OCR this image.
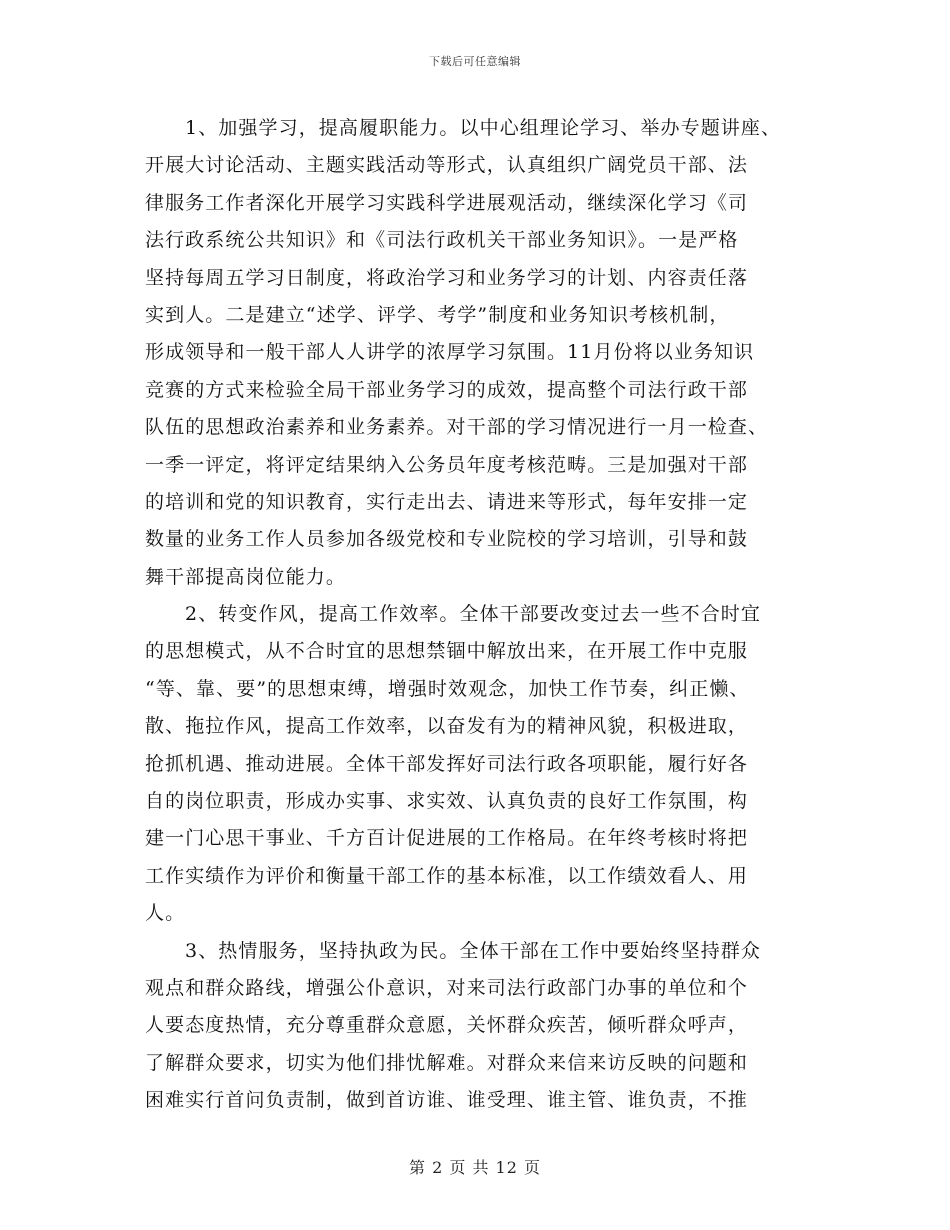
下载后可任意编辑
1、加强学习，提高履职能力。以中心组理论学习、举办专题讲座、
开展大讨论活动、主题实践活动等形式，认真组织广阔党员干部、法
律服务工作者深化开展学习实践科学进展观活动，继续深化学习《司
法行政系统公共知识》和《司法行政机关干部业务知识》。一是严格
坚持每周五学习日制度，将政治学习和业务学习的计划、内容责任落
实到人。二是建立“述学、评学、考学”制度和业务知识考核机制，
形成领导和一般干部人人讲学的浓厚学习氛围。11月份将以业务知识
竞赛的方式来检验全局干部业务学习的成效，提高整个司法行政干部
队伍的思想政治素养和业务素养。对干部的学习情况进行一月一检查、
一季一评定，将评定结果纳入公务员年度考核范畴。三是加强对干部
的培训和党的知识教育，实行走出去、请进来等形式，每年安排一定
数量的业务工作人员参加各级党校和专业院校的学习培训，引导和鼓
舞干部提高岗位能力。
2、转变作风，提高工作效率。全体干部要改变过去一些不合时宜
的思想模式，从不合时宜的思想禁锢中解放出来，在开展工作中克服
“等、靠、要”的思想束缚，增强时效观念，加快工作节奏，纠正懒、
散、拖拉作风，提高工作效率，以奋发有为的精神风貌，积极进取，
抢抓机遇、推动进展。全体干部发挥好司法行政各项职能，履行好各
自的岗位职责，形成办实事、求实效、认真负责的良好工作氛围，构
建一门心思干事业、千方百计促进展的工作格局。在年终考核时将把
工作实绩作为评价和衡量干部工作的基本标准，以工作绩效看人、用
人。
3、热情服务，坚持执政为民。全体干部在工作中要始终坚持群众
观点和群众路线，增强公仆意识，对来司法行政部门办事的单位和个
人要态度热情，充分尊重群众意愿，关怀群众疾苦，倾听群众呼声，
了解群众要求，切实为他们排忧解难。对群众来信来访反映的问题和
困难实行首问负责制，做到首访谁、谁受理、谁主管、谁负责，不推
第 2 页 共 12 页
